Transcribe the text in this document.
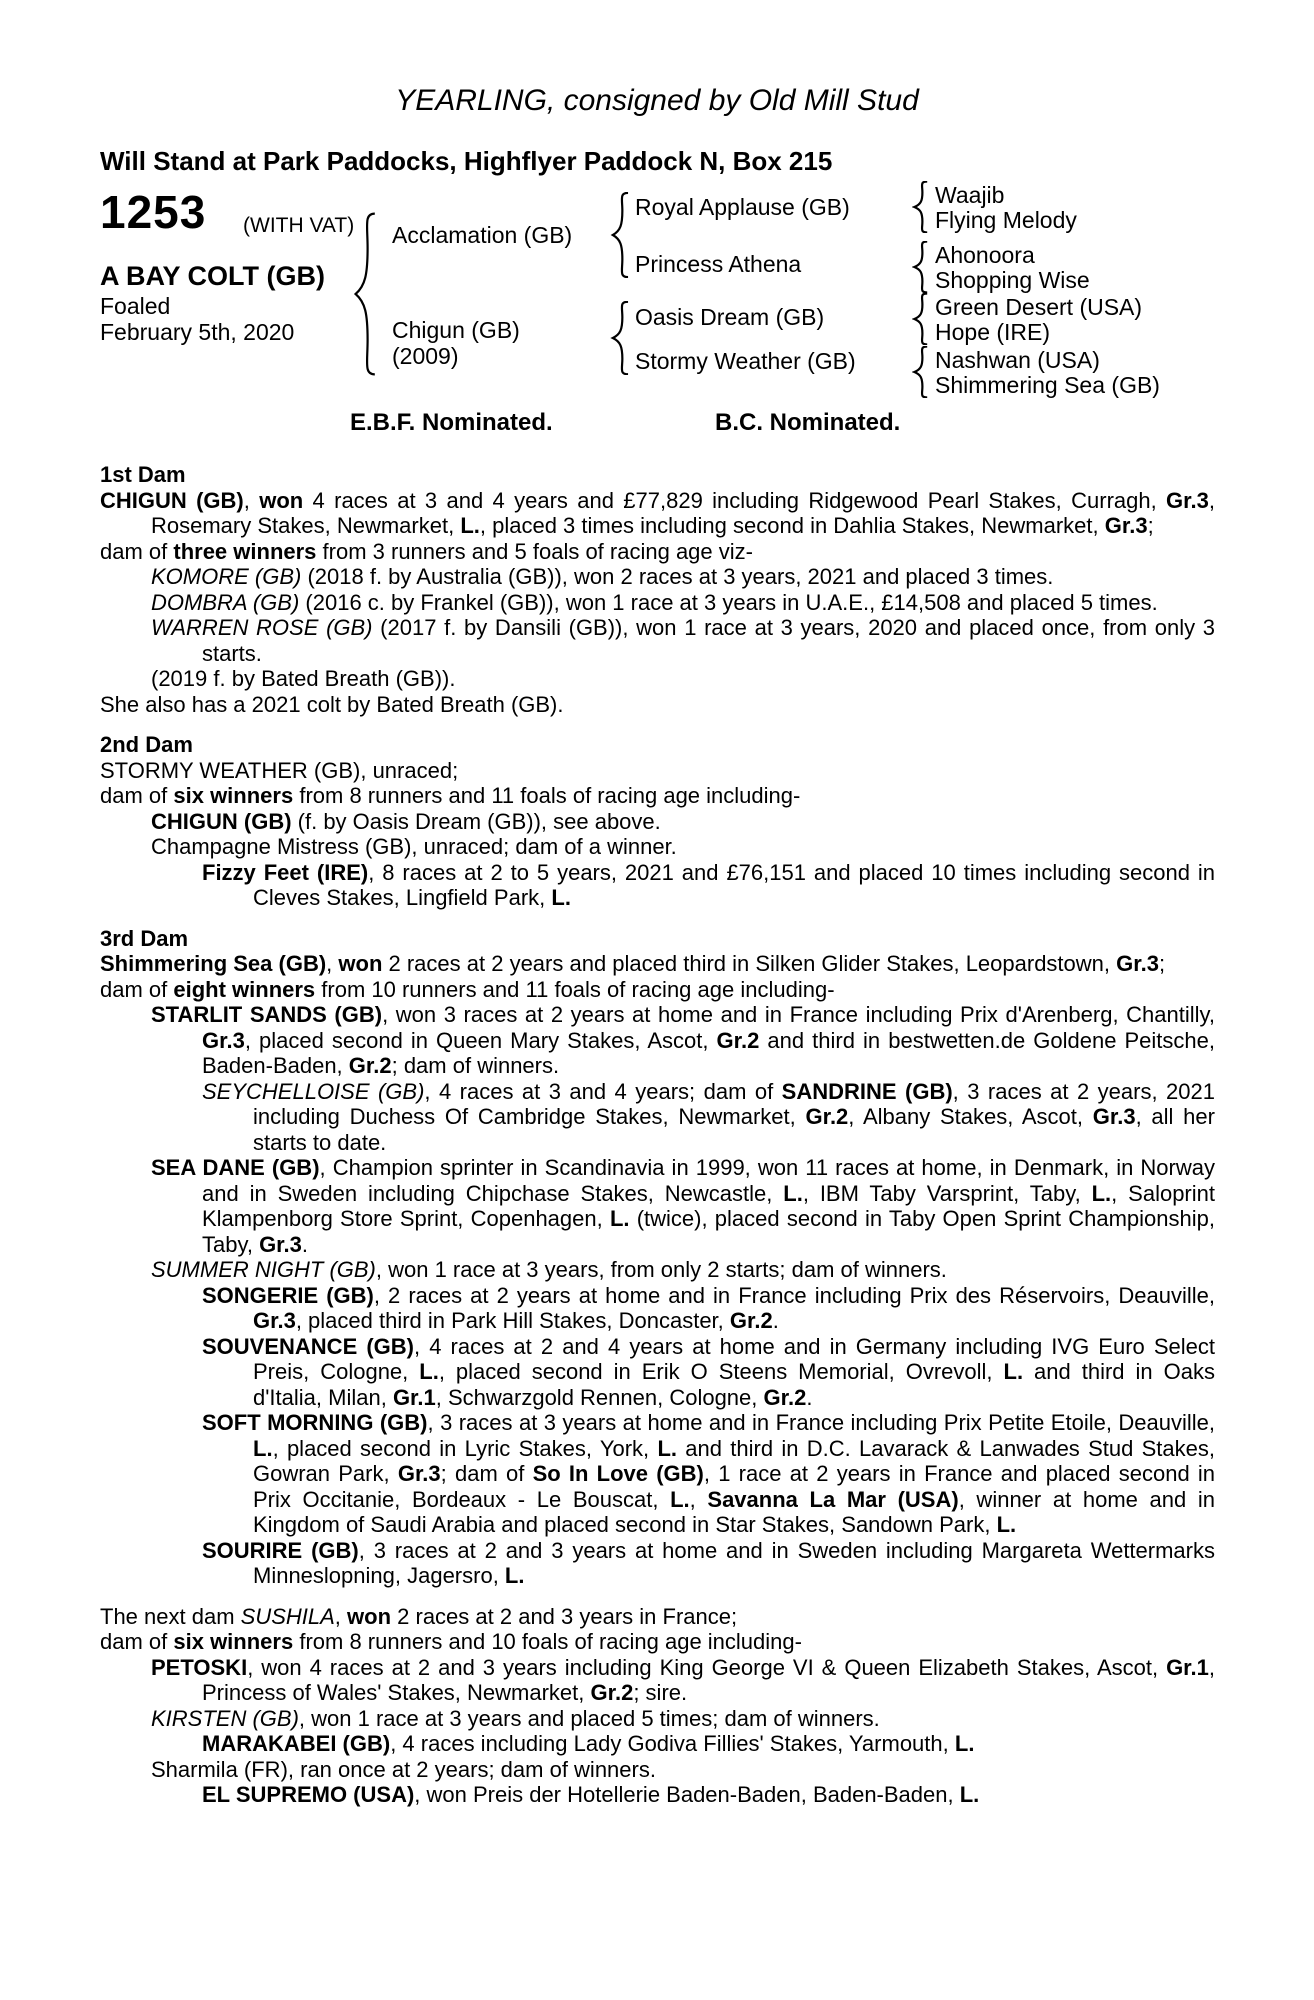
YEARLING, consigned by Old Mill Stud
Will Stand at Park Paddocks, Highflyer Paddock N, Box 215
1253 (WITH VAT)
A BAY COLT (GB)
Foaled
February 5th, 2020
Acclamation (GB)
Chigun (GB)
(2009)
Royal Applause (GB)
Princess Athena
Oasis Dream (GB)
Stormy Weather (GB)
Waajib
Flying Melody
Ahonoora
Shopping Wise
Green Desert (USA)
Hope (IRE)
Nashwan (USA)
Shimmering Sea (GB)
E.B.F. Nominated.	B.C. Nominated.

1st Dam

CHIGUN (GB), won 4 races at 3 and 4 years and £77,829 including Ridgewood Pearl Stakes, Curragh, Gr.3, Rosemary Stakes, Newmarket, L., placed 3 times including second in Dahlia Stakes, Newmarket, Gr.3;

dam of three winners from 3 runners and 5 foals of racing age viz-

KOMORE (GB) (2018 f. by Australia (GB)), won 2 races at 3 years, 2021 and placed 3 times.

DOMBRA (GB) (2016 c. by Frankel (GB)), won 1 race at 3 years in U.A.E., £14,508 and placed 5 times.

WARREN ROSE (GB) (2017 f. by Dansili (GB)), won 1 race at 3 years, 2020 and placed once, from only 3 starts.

(2019 f. by Bated Breath (GB)).

She also has a 2021 colt by Bated Breath (GB).

2nd Dam

STORMY WEATHER (GB), unraced;

dam of six winners from 8 runners and 11 foals of racing age including-

CHIGUN (GB) (f. by Oasis Dream (GB)), see above.

Champagne Mistress (GB), unraced; dam of a winner.

Fizzy Feet (IRE), 8 races at 2 to 5 years, 2021 and £76,151 and placed 10 times including second in Cleves Stakes, Lingfield Park, L.

3rd Dam

Shimmering Sea (GB), won 2 races at 2 years and placed third in Silken Glider Stakes, Leopardstown, Gr.3;

dam of eight winners from 10 runners and 11 foals of racing age including-

STARLIT SANDS (GB), won 3 races at 2 years at home and in France including Prix d'Arenberg, Chantilly, Gr.3, placed second in Queen Mary Stakes, Ascot, Gr.2 and third in bestwetten.de Goldene Peitsche, Baden-Baden, Gr.2; dam of winners.

SEYCHELLOISE (GB), 4 races at 3 and 4 years; dam of SANDRINE (GB), 3 races at 2 years, 2021 including Duchess Of Cambridge Stakes, Newmarket, Gr.2, Albany Stakes, Ascot, Gr.3, all her starts to date.

SEA DANE (GB), Champion sprinter in Scandinavia in 1999, won 11 races at home, in Denmark, in Norway and in Sweden including Chipchase Stakes, Newcastle, L., IBM Taby Varsprint, Taby, L., Saloprint Klampenborg Store Sprint, Copenhagen, L. (twice), placed second in Taby Open Sprint Championship, Taby, Gr.3.

SUMMER NIGHT (GB), won 1 race at 3 years, from only 2 starts; dam of winners.

SONGERIE (GB), 2 races at 2 years at home and in France including Prix des Réservoirs, Deauville, Gr.3, placed third in Park Hill Stakes, Doncaster, Gr.2.

SOUVENANCE (GB), 4 races at 2 and 4 years at home and in Germany including IVG Euro Select Preis, Cologne, L., placed second in Erik O Steens Memorial, Ovrevoll, L. and third in Oaks d'Italia, Milan, Gr.1, Schwarzgold Rennen, Cologne, Gr.2.

SOFT MORNING (GB), 3 races at 3 years at home and in France including Prix Petite Etoile, Deauville, L., placed second in Lyric Stakes, York, L. and third in D.C. Lavarack & Lanwades Stud Stakes, Gowran Park, Gr.3; dam of So In Love (GB), 1 race at 2 years in France and placed second in Prix Occitanie, Bordeaux - Le Bouscat, L., Savanna La Mar (USA), winner at home and in Kingdom of Saudi Arabia and placed second in Star Stakes, Sandown Park, L.

SOURIRE (GB), 3 races at 2 and 3 years at home and in Sweden including Margareta Wettermarks Minneslopning, Jagersro, L.

The next dam SUSHILA, won 2 races at 2 and 3 years in France;

dam of six winners from 8 runners and 10 foals of racing age including-

PETOSKI, won 4 races at 2 and 3 years including King George VI & Queen Elizabeth Stakes, Ascot, Gr.1, Princess of Wales' Stakes, Newmarket, Gr.2; sire.

KIRSTEN (GB), won 1 race at 3 years and placed 5 times; dam of winners.

MARAKABEI (GB), 4 races including Lady Godiva Fillies' Stakes, Yarmouth, L.

Sharmila (FR), ran once at 2 years; dam of winners.

EL SUPREMO (USA), won Preis der Hotellerie Baden-Baden, Baden-Baden, L.
